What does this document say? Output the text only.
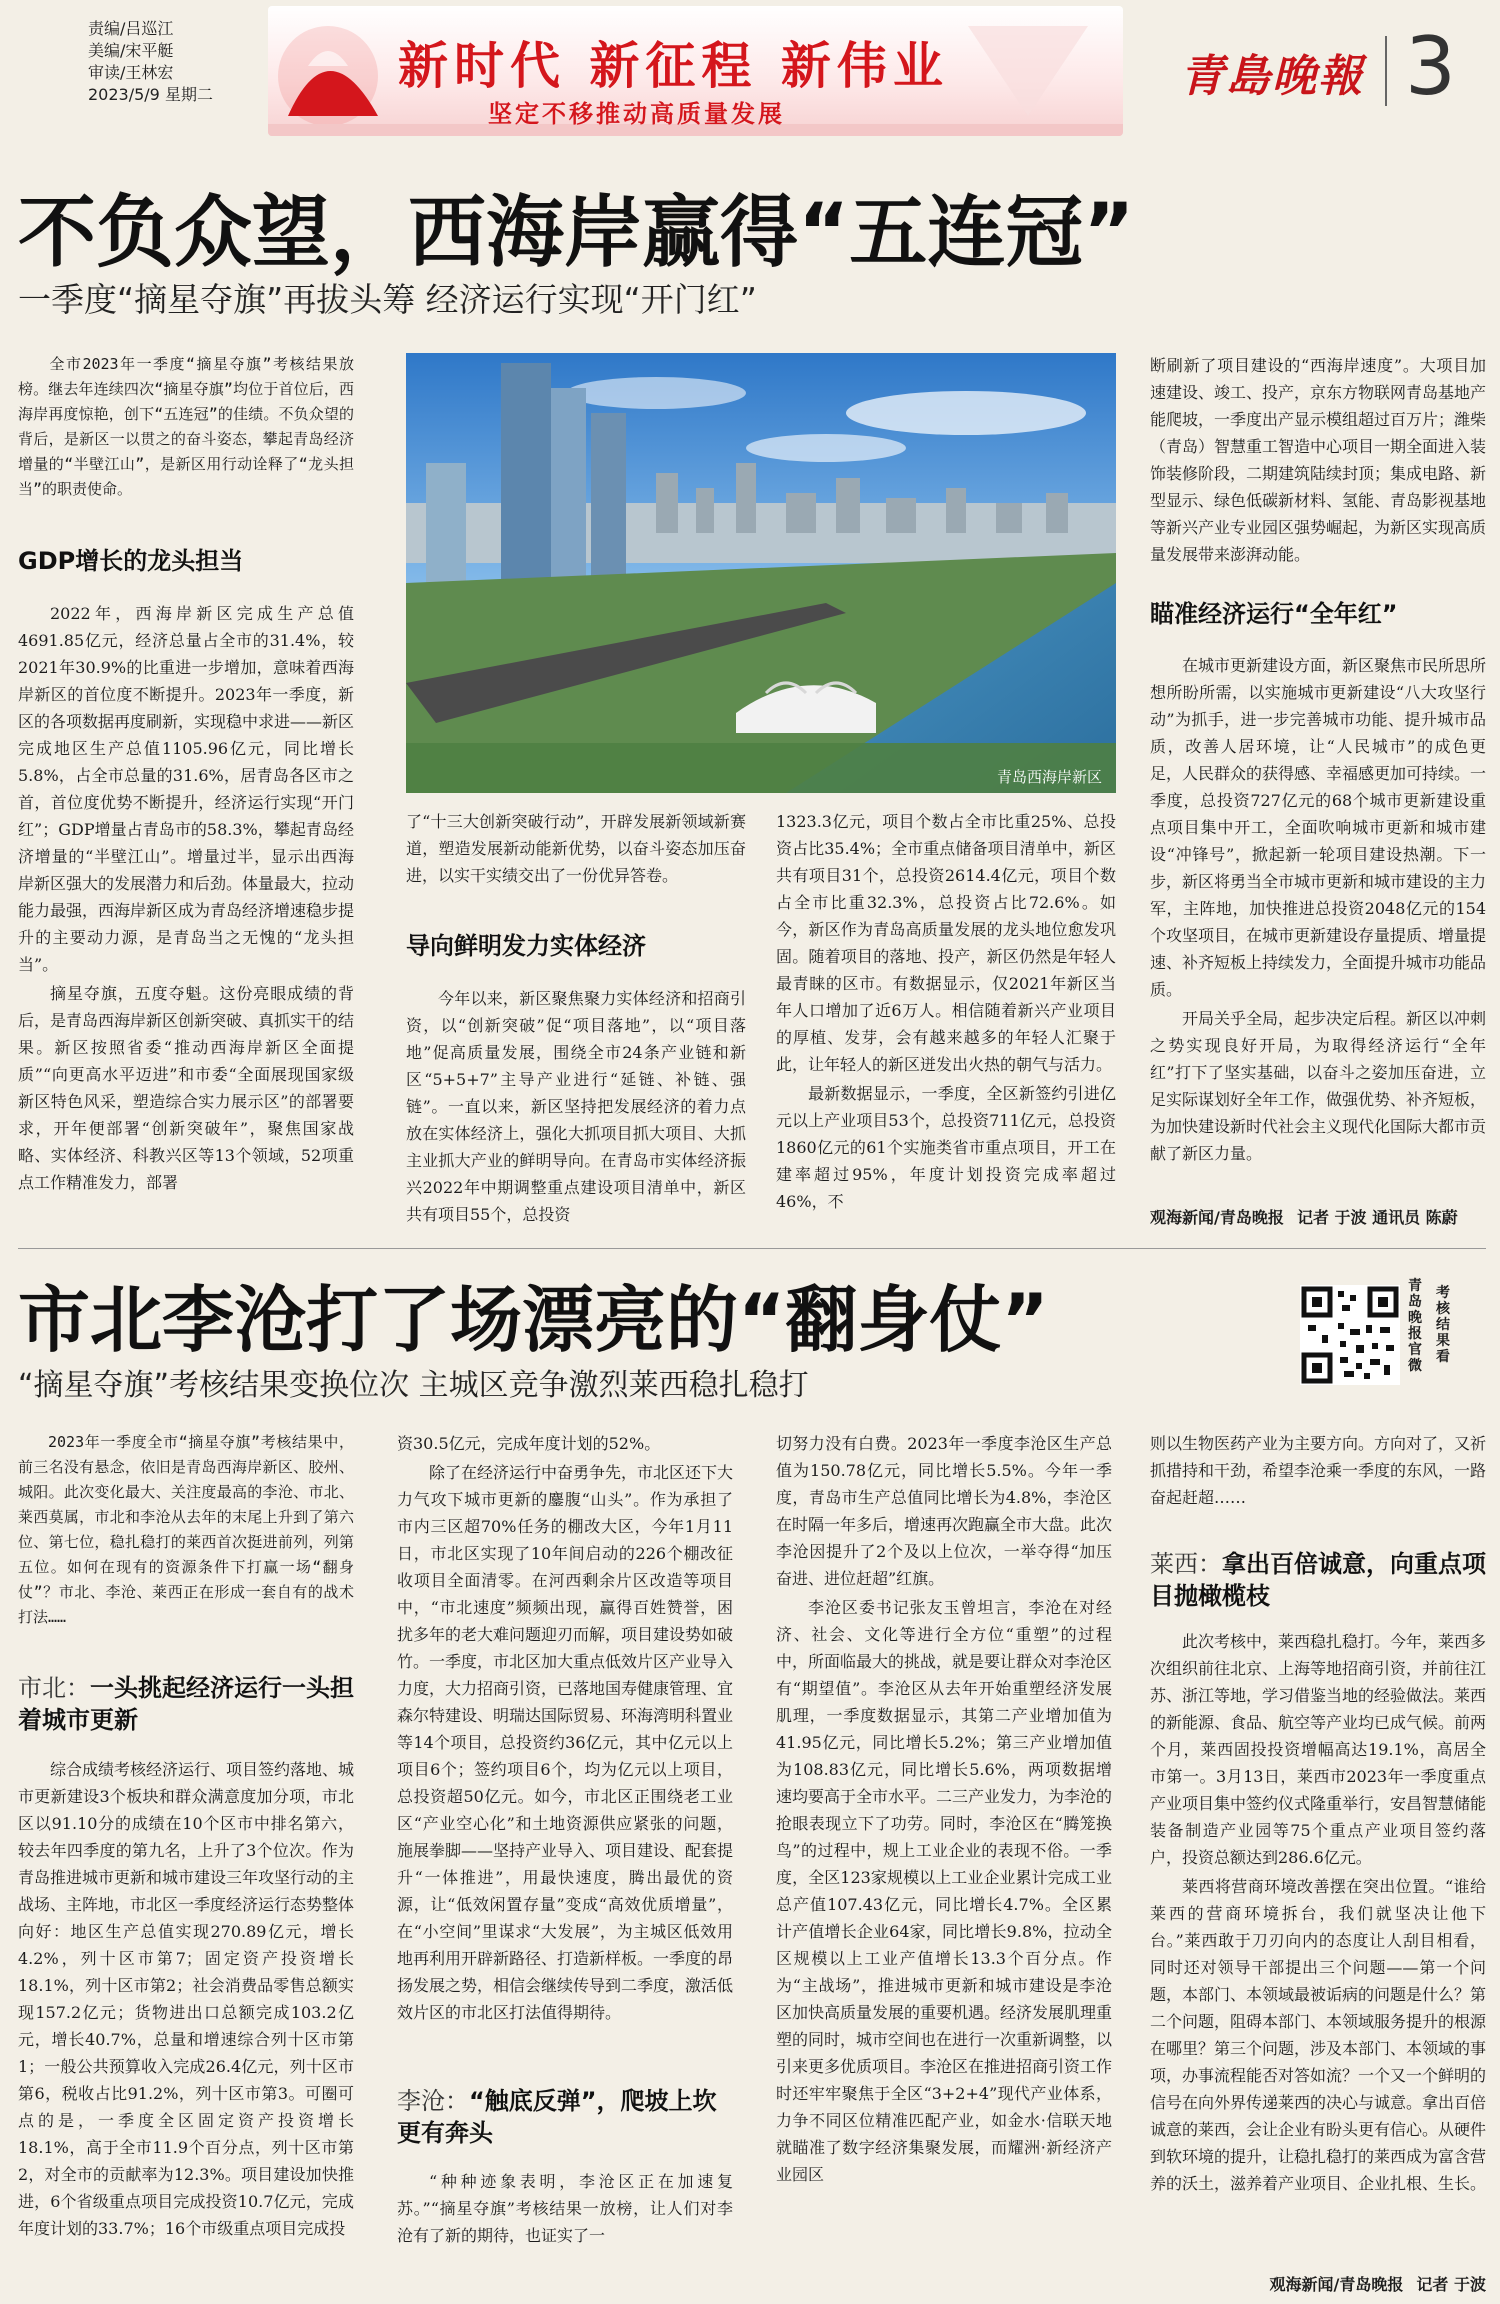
责编/吕巡江
美编/宋平艇
审读/王林宏
2023/5/9 星期二	新时代 新征程 新伟业
坚定不移推动高质量发展
青島晚報 3
不负众望，西海岸赢得“五连冠”
一季度“摘星夺旗”再拔头筹 经济运行实现“开门红”
全市2023年一季度“摘星夺旗”考核结果放榜。继去年连续四次“摘星夺旗”均位于首位后，西海岸再度惊艳，创下“五连冠”的佳绩。不负众望的背后，是新区一以贯之的奋斗姿态，攀起青岛经济增量的“半壁江山”，是新区用行动诠释了“龙头担当”的职责使命。
GDP增长的龙头担当

2022年，西海岸新区完成生产总值4691.85亿元，经济总量占全市的31.4%，较2021年30.9%的比重进一步增加，意味着西海岸新区的首位度不断提升。2023年一季度，新区的各项数据再度刷新，实现稳中求进——新区完成地区生产总值1105.96亿元，同比增长5.8%，占全市总量的31.6%，居青岛各区市之首，首位度优势不断提升，经济运行实现“开门红”；GDP增量占青岛市的58.3%，攀起青岛经济增量的“半壁江山”。增量过半，显示出西海岸新区强大的发展潜力和后劲。体量最大，拉动能力最强，西海岸新区成为青岛经济增速稳步提升的主要动力源，是青岛当之无愧的“龙头担当”。

摘星夺旗，五度夺魁。这份亮眼成绩的背后，是青岛西海岸新区创新突破、真抓实干的结果。新区按照省委“推动西海岸新区全面提质”“向更高水平迈进”和市委“全面展现国家级新区特色风采，塑造综合实力展示区”的部署要求，开年便部署“创新突破年”，聚焦国家战略、实体经济、科教兴区等13个领域，52项重点工作精准发力，部署

青岛西海岸新区

了“十三大创新突破行动”，开辟发展新领域新赛道，塑造发展新动能新优势，以奋斗姿态加压奋进，以实干实绩交出了一份优异答卷。

导向鲜明发力实体经济

今年以来，新区聚焦聚力实体经济和招商引资，以“创新突破”促“项目落地”，以“项目落地”促高质量发展，围绕全市24条产业链和新区“5+5+7”主导产业进行“延链、补链、强链”。一直以来，新区坚持把发展经济的着力点放在实体经济上，强化大抓项目抓大项目、大抓主业抓大产业的鲜明导向。在青岛市实体经济振兴2022年中期调整重点建设项目清单中，新区共有项目55个，总投资

1323.3亿元，项目个数占全市比重25%、总投资占比35.4%；全市重点储备项目清单中，新区共有项目31个，总投资2614.4亿元，项目个数占全市比重32.3%，总投资占比72.6%。如今，新区作为青岛高质量发展的龙头地位愈发巩固。随着项目的落地、投产，新区仍然是年轻人最青睐的区市。有数据显示，仅2021年新区当年人口增加了近6万人。相信随着新兴产业项目的厚植、发芽，会有越来越多的年轻人汇聚于此，让年轻人的新区迸发出火热的朝气与活力。

最新数据显示，一季度，全区新签约引进亿元以上产业项目53个，总投资711亿元，总投资1860亿元的61个实施类省市重点项目，开工在建率超过95%，年度计划投资完成率超过46%，不

断刷新了项目建设的“西海岸速度”。大项目加速建设、竣工、投产，京东方物联网青岛基地产能爬坡，一季度出产显示模组超过百万片；潍柴（青岛）智慧重工智造中心项目一期全面进入装饰装修阶段，二期建筑陆续封顶；集成电路、新型显示、绿色低碳新材料、氢能、青岛影视基地等新兴产业专业园区强势崛起，为新区实现高质量发展带来澎湃动能。

瞄准经济运行“全年红”

在城市更新建设方面，新区聚焦市民所思所想所盼所需，以实施城市更新建设“八大攻坚行动”为抓手，进一步完善城市功能、提升城市品质，改善人居环境，让“人民城市”的成色更足，人民群众的获得感、幸福感更加可持续。一季度，总投资727亿元的68个城市更新建设重点项目集中开工，全面吹响城市更新和城市建设“冲锋号”，掀起新一轮项目建设热潮。下一步，新区将勇当全市城市更新和城市建设的主力军，主阵地，加快推进总投资2048亿元的154个攻坚项目，在城市更新建设存量提质、增量提速、补齐短板上持续发力，全面提升城市功能品质。

开局关乎全局，起步决定后程。新区以冲刺之势实现良好开局，为取得经济运行“全年红”打下了坚实基础，以奋斗之姿加压奋进，立足实际谋划好全年工作，做强优势、补齐短板，为加快建设新时代社会主义现代化国际大都市贡献了新区力量。

观海新闻/青岛晚报 记者 于波 通讯员 陈蔚
市北李沧打了场漂亮的“翻身仗”
“摘星夺旗”考核结果变换位次 主城区竞争激烈莱西稳扎稳打
青岛晚报官微
考核结果看
2023年一季度全市“摘星夺旗”考核结果中，前三名没有悬念，依旧是青岛西海岸新区、胶州、城阳。此次变化最大、关注度最高的李沧、市北、莱西莫属，市北和李沧从去年的末尾上升到了第六位、第七位，稳扎稳打的莱西首次挺进前列，列第五位。如何在现有的资源条件下打赢一场“翻身仗”？市北、李沧、莱西正在形成一套自有的战术打法……
市北：一头挑起经济运行一头担着城市更新

综合成绩考核经济运行、项目签约落地、城市更新建设3个板块和群众满意度加分项，市北区以91.10分的成绩在10个区市中排名第六，较去年四季度的第九名，上升了3个位次。作为青岛推进城市更新和城市建设三年攻坚行动的主战场、主阵地，市北区一季度经济运行态势整体向好：地区生产总值实现270.89亿元，增长4.2%，列十区市第7；固定资产投资增长18.1%，列十区市第2；社会消费品零售总额实现157.2亿元；货物进出口总额完成103.2亿元，增长40.7%，总量和增速综合列十区市第1；一般公共预算收入完成26.4亿元，列十区市第6，税收占比91.2%，列十区市第3。可圈可点的是，一季度全区固定资产投资增长18.1%，高于全市11.9个百分点，列十区市第2，对全市的贡献率为12.3%。项目建设加快推进，6个省级重点项目完成投资10.7亿元，完成年度计划的33.7%；16个市级重点项目完成投

资30.5亿元，完成年度计划的52%。

除了在经济运行中奋勇争先，市北区还下大力气攻下城市更新的鏖腹“山头”。作为承担了市内三区超70%任务的棚改大区，今年1月11日，市北区实现了10年间启动的226个棚改征收项目全面清零。在河西剩余片区改造等项目中，“市北速度”频频出现，赢得百姓赞誉，困扰多年的老大难问题迎刃而解，项目建设势如破竹。一季度，市北区加大重点低效片区产业导入力度，大力招商引资，已落地国寿健康管理、宜森尔特建设、明瑞达国际贸易、环海湾明科置业等14个项目，总投资约36亿元，其中亿元以上项目6个；签约项目6个，均为亿元以上项目，总投资超50亿元。如今，市北区正围绕老工业区“产业空心化”和土地资源供应紧张的问题，施展拳脚——坚持产业导入、项目建设、配套提升“一体推进”，用最快速度，腾出最优的资源，让“低效闲置存量”变成“高效优质增量”，在“小空间”里谋求“大发展”，为主城区低效用地再利用开辟新路径、打造新样板。一季度的昂扬发展之势，相信会继续传导到二季度，激活低效片区的市北区打法值得期待。

李沧：“触底反弹”，爬坡上坎更有奔头

“种种迹象表明，李沧区正在加速复苏。”“摘星夺旗”考核结果一放榜，让人们对李沧有了新的期待，也证实了一

切努力没有白费。2023年一季度李沧区生产总值为150.78亿元，同比增长5.5%。今年一季度，青岛市生产总值同比增长为4.8%，李沧区在时隔一年多后，增速再次跑赢全市大盘。此次李沧因提升了2个及以上位次，一举夺得“加压奋进、进位赶超”红旗。

李沧区委书记张友玉曾坦言，李沧在对经济、社会、文化等进行全方位“重塑”的过程中，所面临最大的挑战，就是要让群众对李沧区有“期望值”。李沧区从去年开始重塑经济发展肌理，一季度数据显示，其第二产业增加值为41.95亿元，同比增长5.2%；第三产业增加值为108.83亿元，同比增长5.6%，两项数据增速均要高于全市水平。二三产业发力，为李沧的抢眼表现立下了功劳。同时，李沧区在“腾笼换鸟”的过程中，规上工业企业的表现不俗。一季度，全区123家规模以上工业企业累计完成工业总产值107.43亿元，同比增长4.7%。全区累计产值增长企业64家，同比增长9.8%，拉动全区规模以上工业产值增长13.3个百分点。作为“主战场”，推进城市更新和城市建设是李沧区加快高质量发展的重要机遇。经济发展肌理重塑的同时，城市空间也在进行一次重新调整，以引来更多优质项目。李沧区在推进招商引资工作时还牢牢聚焦于全区“3+2+4”现代产业体系，力争不同区位精准匹配产业，如金水·信联天地就瞄准了数字经济集聚发展，而耀洲·新经济产业园区

则以生物医药产业为主要方向。方向对了，又祈抓措持和干劲，希望李沧乘一季度的东风，一路奋起赶超……

莱西：拿出百倍诚意，向重点项目抛橄榄枝

此次考核中，莱西稳扎稳打。今年，莱西多次组织前往北京、上海等地招商引资，并前往江苏、浙江等地，学习借鉴当地的经验做法。莱西的新能源、食品、航空等产业均已成气候。前两个月，莱西固投投资增幅高达19.1%，高居全市第一。3月13日，莱西市2023年一季度重点产业项目集中签约仪式隆重举行，安昌智慧储能装备制造产业园等75个重点产业项目签约落户，投资总额达到286.6亿元。

莱西将营商环境改善摆在突出位置。“谁给莱西的营商环境拆台，我们就坚决让他下台。”莱西敢于刀刃向内的态度让人刮目相看，同时还对领导干部提出三个问题——第一个问题，本部门、本领域最被诟病的问题是什么？第二个问题，阻碍本部门、本领域服务提升的根源在哪里？第三个问题，涉及本部门、本领域的事项，办事流程能否对答如流？一个又一个鲜明的信号在向外界传递莱西的决心与诚意。拿出百倍诚意的莱西，会让企业有盼头更有信心。从硬件到软环境的提升，让稳扎稳打的莱西成为富含营养的沃土，滋养着产业项目、企业扎根、生长。

观海新闻/青岛晚报 记者 于波
